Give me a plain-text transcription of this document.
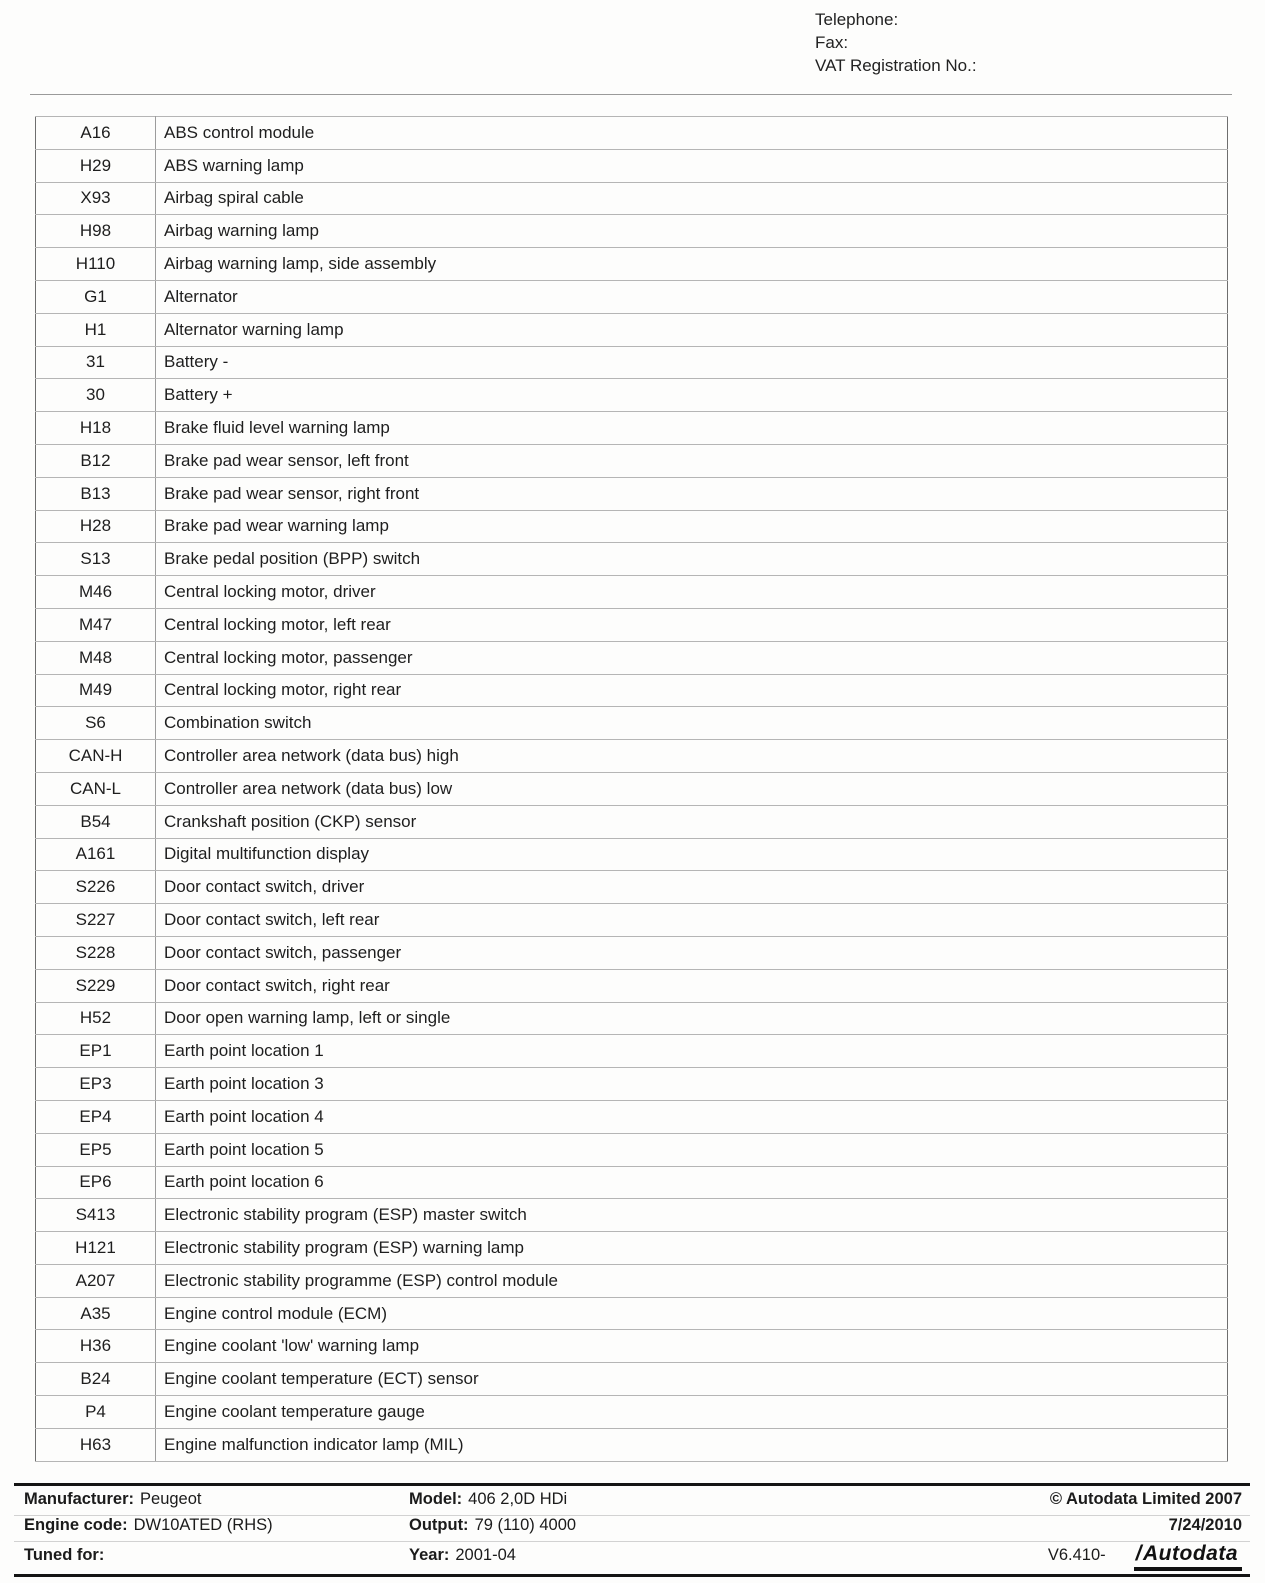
Telephone:
Fax:
VAT Registration No.:
A16	ABS control module
H29	ABS warning lamp
X93	Airbag spiral cable
H98	Airbag warning lamp
H110	Airbag warning lamp, side assembly
G1	Alternator
H1	Alternator warning lamp
31	Battery -
30	Battery +
H18	Brake fluid level warning lamp
B12	Brake pad wear sensor, left front
B13	Brake pad wear sensor, right front
H28	Brake pad wear warning lamp
S13	Brake pedal position (BPP) switch
M46	Central locking motor, driver
M47	Central locking motor, left rear
M48	Central locking motor, passenger
M49	Central locking motor, right rear
S6	Combination switch
CAN-H	Controller area network (data bus) high
CAN-L	Controller area network (data bus) low
B54	Crankshaft position (CKP) sensor
A161	Digital multifunction display
S226	Door contact switch, driver
S227	Door contact switch, left rear
S228	Door contact switch, passenger
S229	Door contact switch, right rear
H52	Door open warning lamp, left or single
EP1	Earth point location 1
EP3	Earth point location 3
EP4	Earth point location 4
EP5	Earth point location 5
EP6	Earth point location 6
S413	Electronic stability program (ESP) master switch
H121	Electronic stability program (ESP) warning lamp
A207	Electronic stability programme (ESP) control module
A35	Engine control module (ECM)
H36	Engine coolant 'low' warning lamp
B24	Engine coolant temperature (ECT) sensor
P4	Engine coolant temperature gauge
H63	Engine malfunction indicator lamp (MIL)
Manufacturer: Peugeot	Model: 406 2,0D HDi	© Autodata Limited 2007
Engine code: DW10ATED (RHS)	Output: 79 (110) 4000	7/24/2010
Tuned for:	Year: 2001-04	V6.410- /Autodata
